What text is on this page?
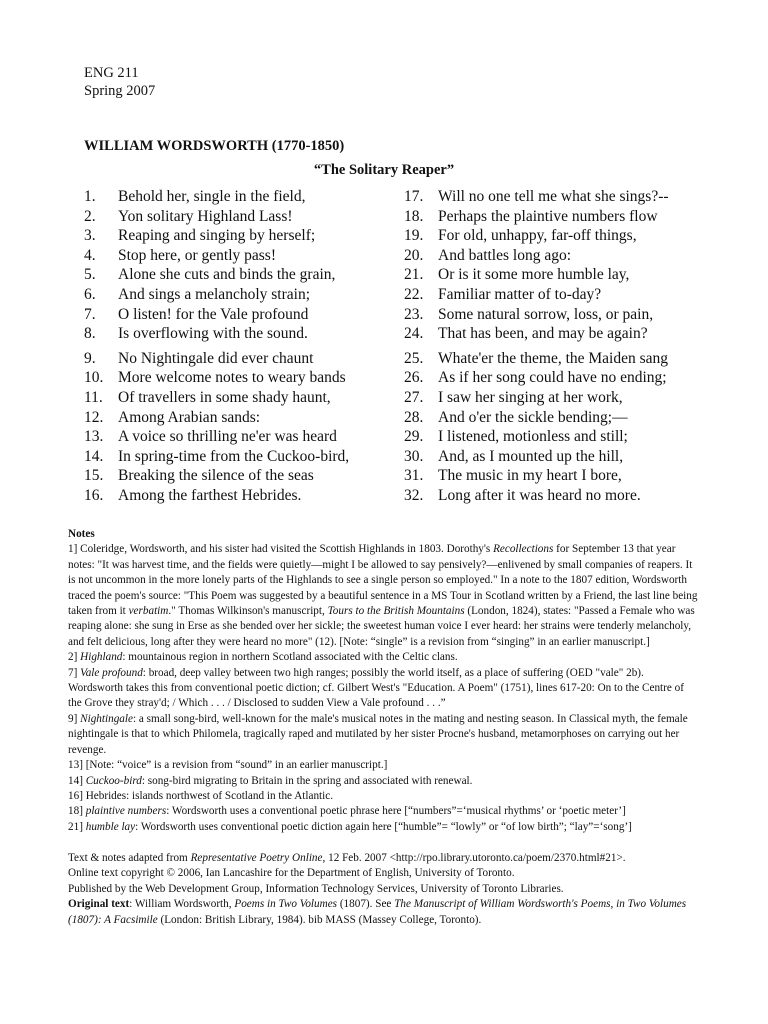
ENG 211
Spring 2007
WILLIAM WORDSWORTH (1770-1850)
“The Solitary Reaper”
1. Behold her, single in the field,
2. Yon solitary Highland Lass!
3. Reaping and singing by herself;
4. Stop here, or gently pass!
5. Alone she cuts and binds the grain,
6. And sings a melancholy strain;
7. O listen! for the Vale profound
8. Is overflowing with the sound.
9. No Nightingale did ever chaunt
10. More welcome notes to weary bands
11. Of travellers in some shady haunt,
12. Among Arabian sands:
13. A voice so thrilling ne'er was heard
14. In spring-time from the Cuckoo-bird,
15. Breaking the silence of the seas
16. Among the farthest Hebrides.
17. Will no one tell me what she sings?--
18. Perhaps the plaintive numbers flow
19. For old, unhappy, far-off things,
20. And battles long ago:
21. Or is it some more humble lay,
22. Familiar matter of to-day?
23. Some natural sorrow, loss, or pain,
24. That has been, and may be again?
25. Whate'er the theme, the Maiden sang
26. As if her song could have no ending;
27. I saw her singing at her work,
28. And o'er the sickle bending;—
29. I listened, motionless and still;
30. And, as I mounted up the hill,
31. The music in my heart I bore,
32. Long after it was heard no more.
Notes
1] Coleridge, Wordsworth, and his sister had visited the Scottish Highlands in 1803. Dorothy's Recollections for September 13 that year notes: "It was harvest time, and the fields were quietly—might I be allowed to say pensively?—enlivened by small companies of reapers. It is not uncommon in the more lonely parts of the Highlands to see a single person so employed." In a note to the 1807 edition, Wordsworth traced the poem's source: "This Poem was suggested by a beautiful sentence in a MS Tour in Scotland written by a Friend, the last line being taken from it verbatim." Thomas Wilkinson's manuscript, Tours to the British Mountains (London, 1824), states: "Passed a Female who was reaping alone: she sung in Erse as she bended over her sickle; the sweetest human voice I ever heard: her strains were tenderly melancholy, and felt delicious, long after they were heard no more" (12). [Note: “single” is a revision from “singing” in an earlier manuscript.]
2] Highland: mountainous region in northern Scotland associated with the Celtic clans.
7] Vale profound: broad, deep valley between two high ranges; possibly the world itself, as a place of suffering (OED "vale" 2b). Wordsworth takes this from conventional poetic diction; cf. Gilbert West's "Education. A Poem" (1751), lines 617-20: On to the Centre of the Grove they stray'd; / Which . . . / Disclosed to sudden View a Vale profound . . .”
9] Nightingale: a small song-bird, well-known for the male's musical notes in the mating and nesting season. In Classical myth, the female nightingale is that to which Philomela, tragically raped and mutilated by her sister Procne's husband, metamorphoses on carrying out her revenge.
13] [Note: “voice” is a revision from “sound” in an earlier manuscript.]
14] Cuckoo-bird: song-bird migrating to Britain in the spring and associated with renewal.
16] Hebrides: islands northwest of Scotland in the Atlantic.
18] plaintive numbers: Wordsworth uses a conventional poetic phrase here [“numbers”=‘musical rhythms’ or ‘poetic meter’]
21] humble lay: Wordsworth uses conventional poetic diction again here [“humble”= “lowly” or “of low birth”; “lay”=‘song’]
Text & notes adapted from Representative Poetry Online, 12 Feb. 2007 <http://rpo.library.utoronto.ca/poem/2370.html#21>.
Online text copyright © 2006, Ian Lancashire for the Department of English, University of Toronto.
Published by the Web Development Group, Information Technology Services, University of Toronto Libraries.
Original text: William Wordsworth, Poems in Two Volumes (1807). See The Manuscript of William Wordsworth's Poems, in Two Volumes (1807): A Facsimile (London: British Library, 1984). bib MASS (Massey College, Toronto).
